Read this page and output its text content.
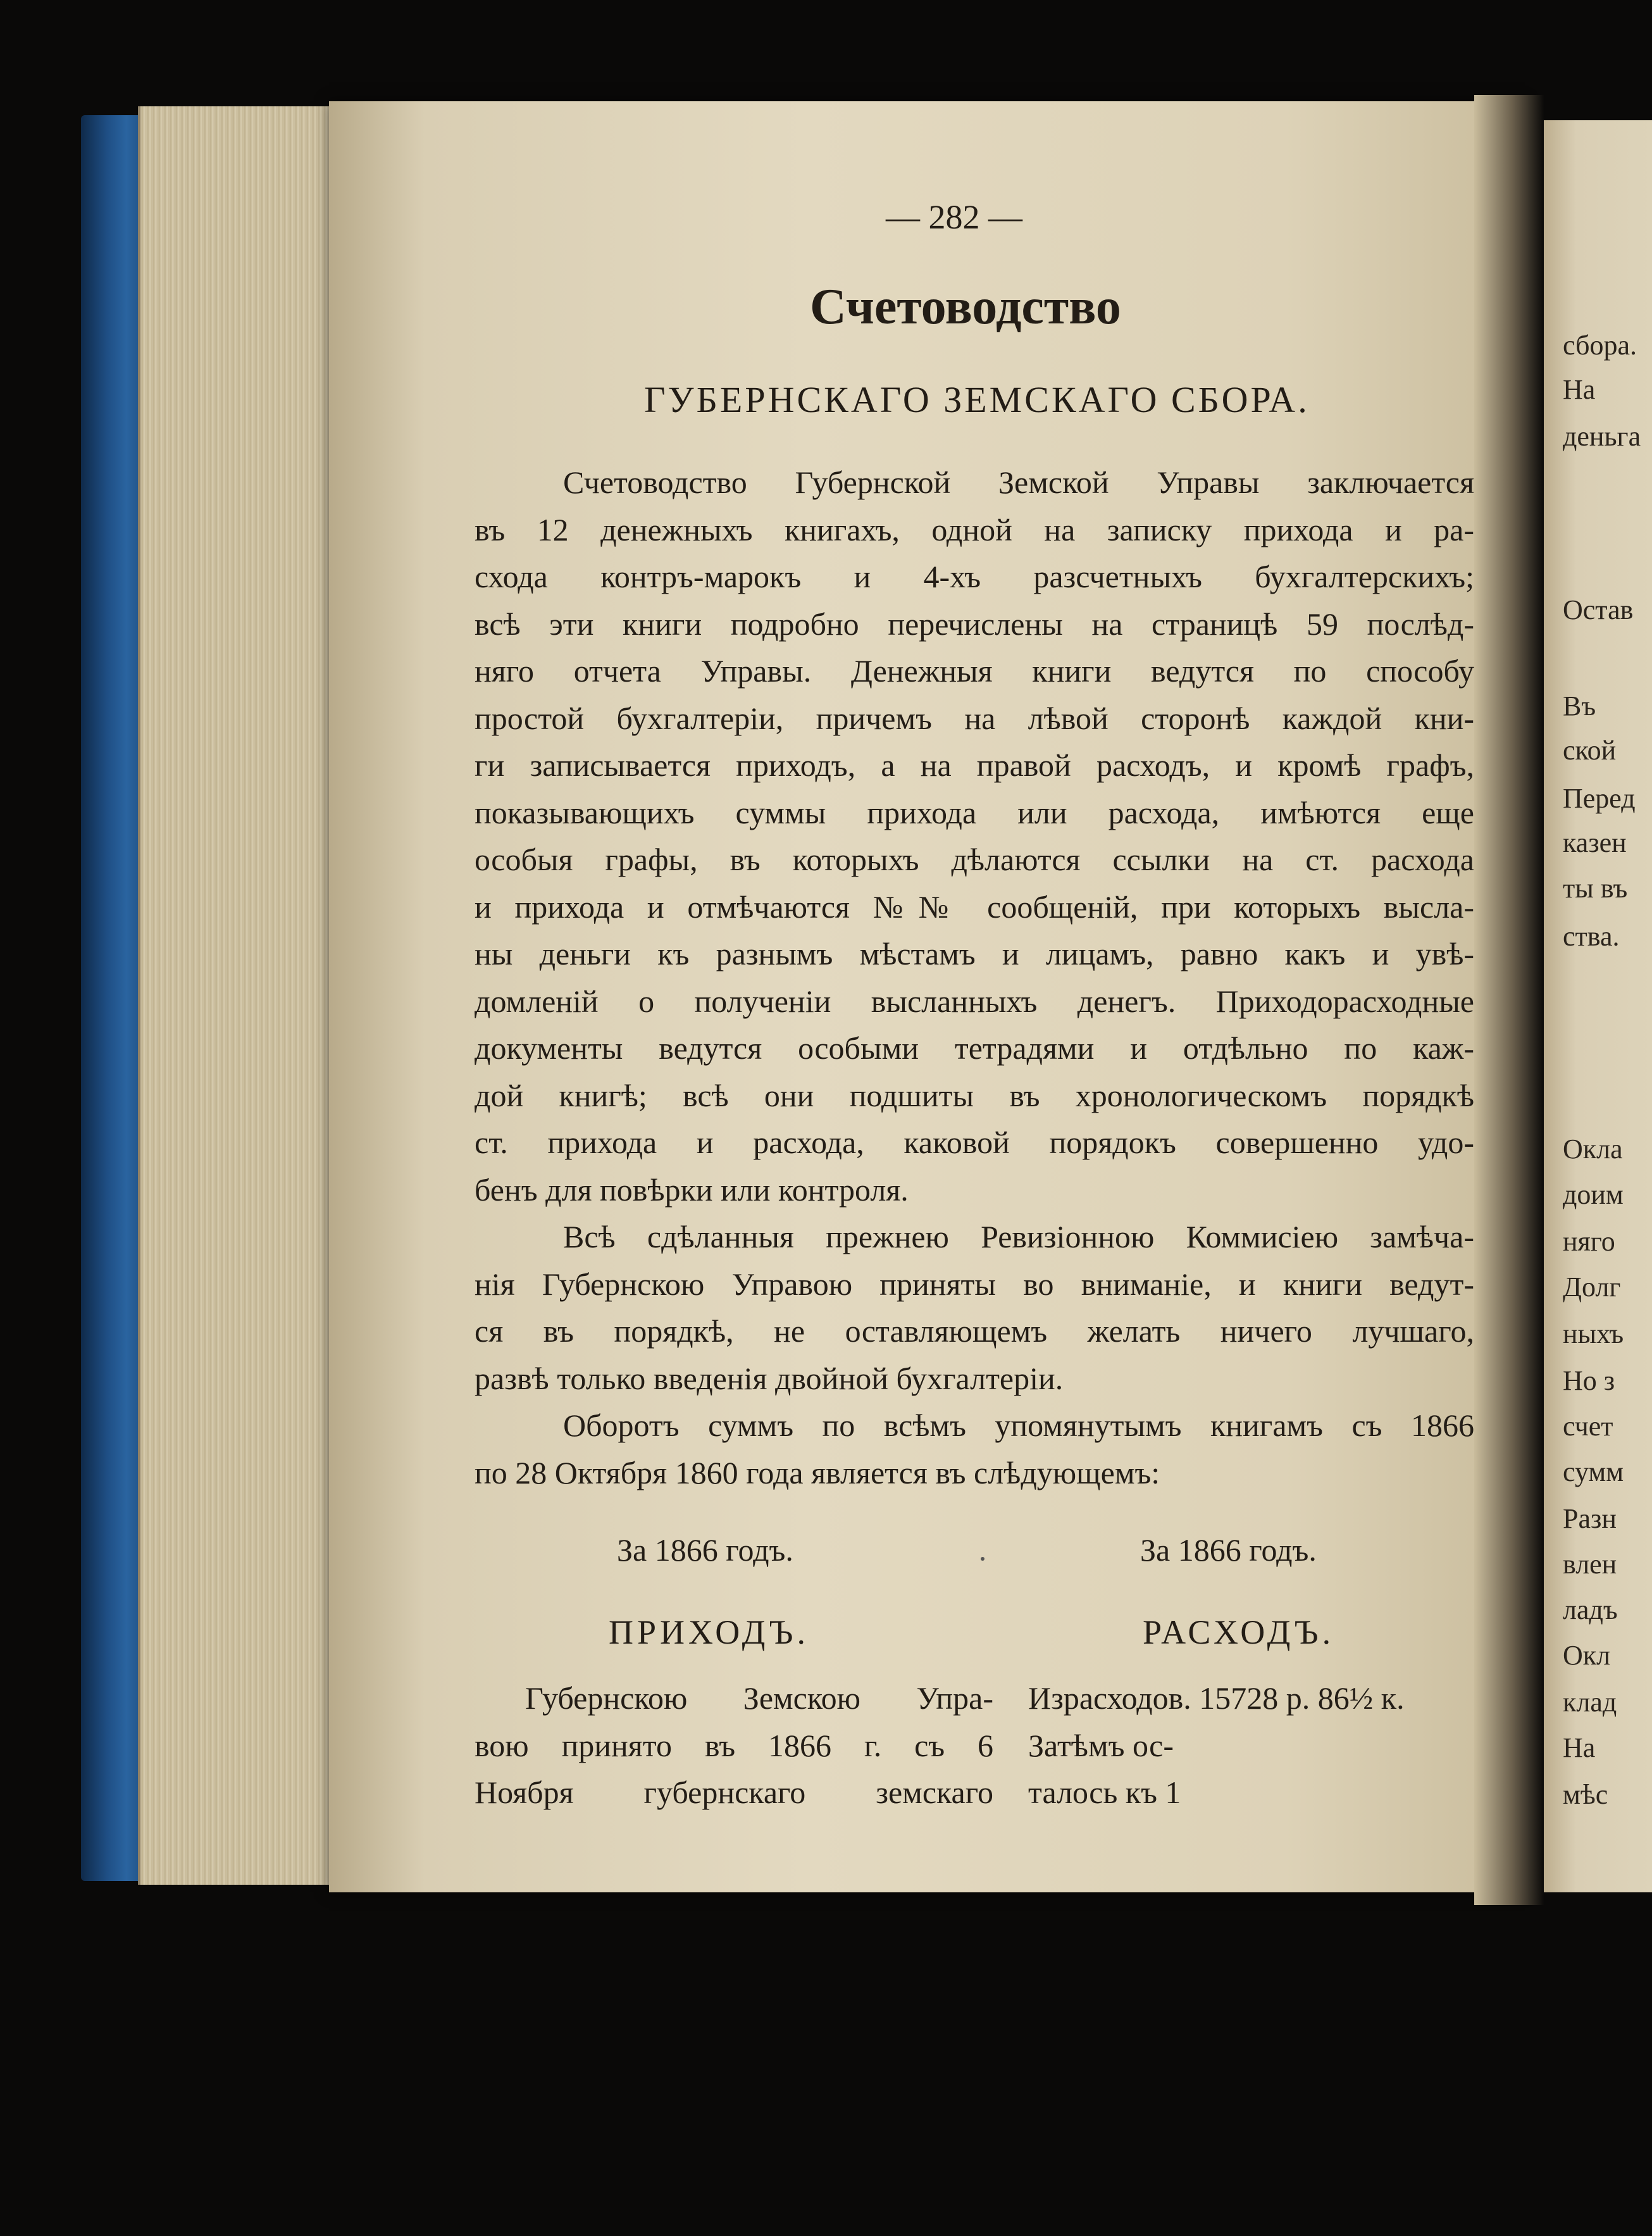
— 282 —
Счетоводство
ГУБЕРНСКАГО ЗЕМСКАГО СБОРА.
Счетоводство Губернской Земской Управы заключается
въ 12 денежныхъ книгахъ, одной на записку прихода и ра-
схода контръ-марокъ и 4-хъ разсчетныхъ бухгалтерскихъ;
всѣ эти книги подробно перечислены на страницѣ 59 послѣд-
няго отчета Управы. Денежныя книги ведутся по способу
простой бухгалтеріи, причемъ на лѣвой сторонѣ каждой кни-
ги записывается приходъ, а на правой расходъ, и кромѣ графъ,
показывающихъ суммы прихода или расхода, имѣются еще
особыя графы, въ которыхъ дѣлаются ссылки на ст. расхода
и прихода и отмѣчаются №№ сообщеній, при которыхъ высла-
ны деньги къ разнымъ мѣстамъ и лицамъ, равно какъ и увѣ-
домленій о полученіи высланныхъ денегъ. Приходорасходные
документы ведутся особыми тетрадями и отдѣльно по каж-
дой книгѣ; всѣ они подшиты въ хронологическомъ порядкѣ
ст. прихода и расхода, каковой порядокъ совершенно удо-
бенъ для повѣрки или контроля.
Всѣ сдѣланныя прежнею Ревизіонною Коммисіею замѣча-
нія Губернскою Управою приняты во вниманіе, и книги ведут-
ся въ порядкѣ, не оставляющемъ желать ничего лучшаго,
развѣ только введенія двойной бухгалтеріи.
Оборотъ суммъ по всѣмъ упомянутымъ книгамъ съ 1866
по 28 Октября 1860 года является въ слѣдующемъ:
За 1866 годъ.	За 1866 годъ.
ПРИХОДЪ.	РАСХОДЪ.
Губернскою Земскою Упра-
вою принято въ 1866 г. съ 6
Ноября губернскаго земскаго
Израсходов. 15728 р. 86½ к.
Затѣмъ ос-
талось къ 1
сбора.
На
деньга
Остав
Въ
ской
Перед
казен
ты въ
ства.
Окла
доим
няго
Долг
ныхъ
Но з
счет
сумм
Разн
влен
ладъ
Окл
клад
На
мѣс
